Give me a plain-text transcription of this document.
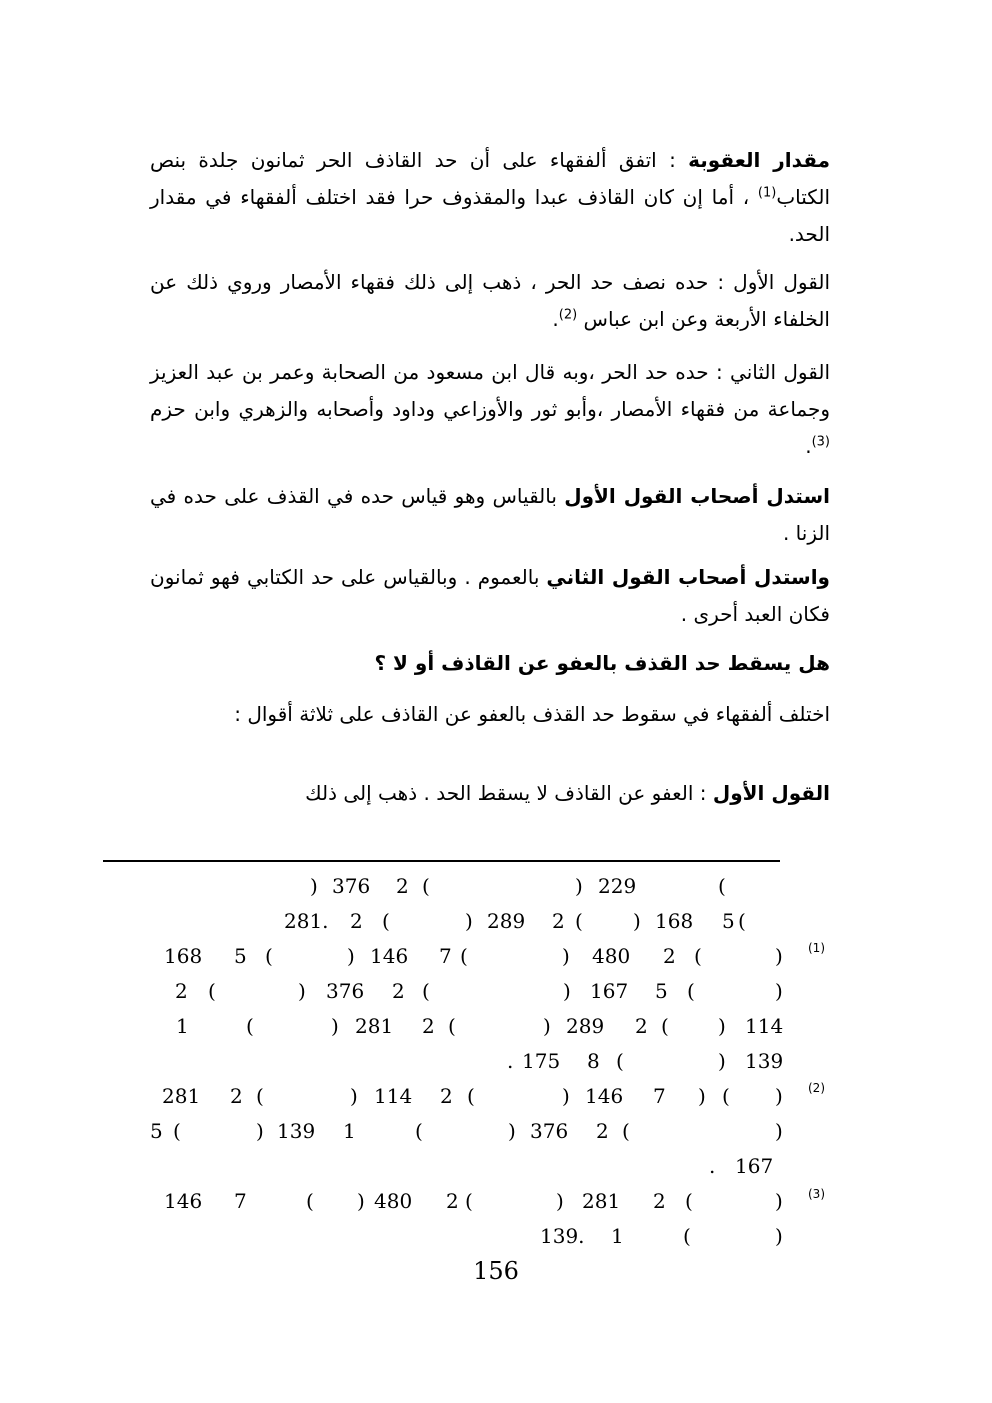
مقدار العقوبة : اتفق ألفقهاء على أن حد القاذف الحر ثمانون جلدة بنص الكتاب$^{(1)}$ ، أما إن كان القاذف عبدا والمقذوف حرا فقد اختلف ألفقهاء في مقدار الحد.

القول الأول : حده نصف حد الحر ، ذهب إلى ذلك فقهاء الأمصار وروي ذلك عن الخلفاء الأربعة وعن ابن عباس $^{(2)}$.

القول الثاني : حده حد الحر ،وبه قال ابن مسعود من الصحابة وعمر بن عبد العزيز وجماعة من فقهاء الأمصار ،وأبو ثور والأوزاعي وداود وأصحابه والزهري وابن حزم $^{(3)}$.

استدل أصحاب القول الأول بالقياس وهو قياس حده في القذف على حده في الزنا .

واستدل أصحاب القول الثاني بالعموم . وبالقياس على حد الكتابي فهو ثمانون فكان العبد أحرى .

هل يسقط حد القذف بالعفو عن القاذف أو لا ؟

اختلف ألفقهاء في سقوط حد القذف بالعفو عن القاذف على ثلاثة أقوال :

القول الأول : العفو عن القاذف لا يسقط الحد . ذهب إلى ذلك

(1)
(2)
(3)
(
) 229
(
2
376
)
(
5
168
)
(
2
289
)
(
2
281.
)
(
2
480
)
(
7
146
)
(
5
168
)
(
5
167
)
(
2
376
)
(
2
114
)
(
2
289
)
(
2
281
)
(
1
139
)
(
8
175
.
)
(
)
7
146
)
(
2
114
)
(
2
281
)
(
2
376
)
(
1
139
)
(
5
167
.
)
(
2
281
)
(
2
480
)
(
7
146
)
(
1
139.
156
